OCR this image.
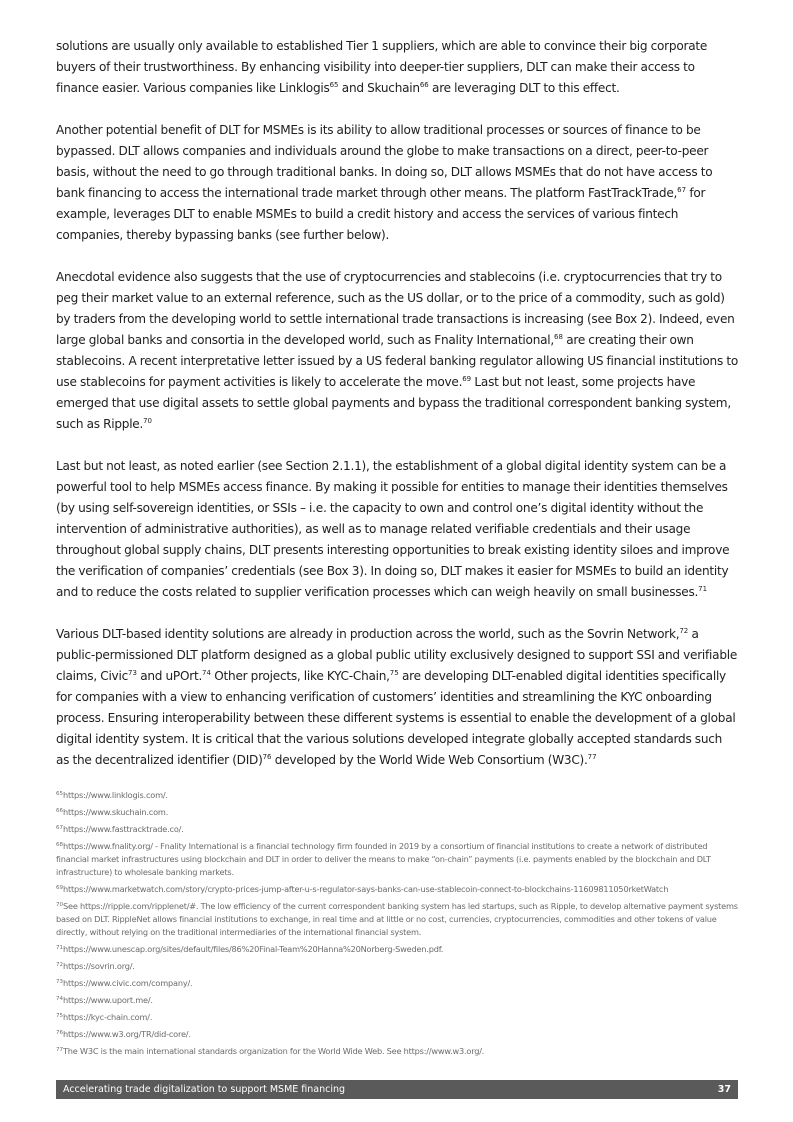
solutions are usually only available to established Tier 1 suppliers, which are able to convince their big corporate buyers of their trustworthiness. By enhancing visibility into deeper-tier suppliers, DLT can make their access to finance easier. Various companies like Linklogis$^{65}$ and Skuchain$^{66}$ are leveraging DLT to this effect.

Another potential benefit of DLT for MSMEs is its ability to allow traditional processes or sources of finance to be bypassed. DLT allows companies and individuals around the globe to make transactions on a direct, peer-to-peer basis, without the need to go through traditional banks. In doing so, DLT allows MSMEs that do not have access to bank financing to access the international trade market through other means. The platform FastTrackTrade,$^{67}$ for example, leverages DLT to enable MSMEs to build a credit history and access the services of various fintech companies, thereby bypassing banks (see further below).

Anecdotal evidence also suggests that the use of cryptocurrencies and stablecoins (i.e. cryptocurrencies that try to peg their market value to an external reference, such as the US dollar, or to the price of a commodity, such as gold) by traders from the developing world to settle international trade transactions is increasing (see Box 2). Indeed, even large global banks and consortia in the developed world, such as Fnality International,$^{68}$ are creating their own stablecoins. A recent interpretative letter issued by a US federal banking regulator allowing US financial institutions to use stablecoins for payment activities is likely to accelerate the move.$^{69}$ Last but not least, some projects have emerged that use digital assets to settle global payments and bypass the traditional correspondent banking system, such as Ripple.$^{70}$

Last but not least, as noted earlier (see Section 2.1.1), the establishment of a global digital identity system can be a powerful tool to help MSMEs access finance. By making it possible for entities to manage their identities themselves (by using self-sovereign identities, or SSIs – i.e. the capacity to own and control one’s digital identity without the intervention of administrative authorities), as well as to manage related verifiable credentials and their usage throughout global supply chains, DLT presents interesting opportunities to break existing identity siloes and improve the verification of companies’ credentials (see Box 3). In doing so, DLT makes it easier for MSMEs to build an identity and to reduce the costs related to supplier verification processes which can weigh heavily on small businesses.$^{71}$

Various DLT-based identity solutions are already in production across the world, such as the Sovrin Network,$^{72}$ a public-permissioned DLT platform designed as a global public utility exclusively designed to support SSI and verifiable claims, Civic$^{73}$ and uPOrt.$^{74}$ Other projects, like KYC-Chain,$^{75}$ are developing DLT-enabled digital identities specifically for companies with a view to enhancing verification of customers’ identities and streamlining the KYC onboarding process. Ensuring interoperability between these different systems is essential to enable the development of a global digital identity system. It is critical that the various solutions developed integrate globally accepted standards such as the decentralized identifier (DID)$^{76}$ developed by the World Wide Web Consortium (W3C).$^{77}$

$^{65}$https://www.linklogis.com/.

$^{66}$https://www.skuchain.com.

$^{67}$https://www.fasttracktrade.co/.

$^{68}$https://www.fnality.org/ - Fnality International is a financial technology firm founded in 2019 by a consortium of financial institutions to create a network of distributed financial market infrastructures using blockchain and DLT in order to deliver the means to make “on-chain” payments (i.e. payments enabled by the blockchain and DLT infrastructure) to wholesale banking markets.

$^{69}$https://www.marketwatch.com/story/crypto-prices-jump-after-u-s-regulator-says-banks-can-use-stablecoin-connect-to-blockchains-11609811050rketWatch

$^{70}$See https://ripple.com/ripplenet/#. The low efficiency of the current correspondent banking system has led startups, such as Ripple, to develop alternative payment systems based on DLT. RippleNet allows financial institutions to exchange, in real time and at little or no cost, currencies, cryptocurrencies, commodities and other tokens of value directly, without relying on the traditional intermediaries of the international financial system.

$^{71}$https://www.unescap.org/sites/default/files/86%20Final-Team%20Hanna%20Norberg-Sweden.pdf.

$^{72}$https://sovrin.org/.

$^{73}$https://www.civic.com/company/.

$^{74}$https://www.uport.me/.

$^{75}$https://kyc-chain.com/.

$^{76}$https://www.w3.org/TR/did-core/.

$^{77}$The W3C is the main international standards organization for the World Wide Web. See https://www.w3.org/.

Accelerating trade digitalization to support MSME financing	37
